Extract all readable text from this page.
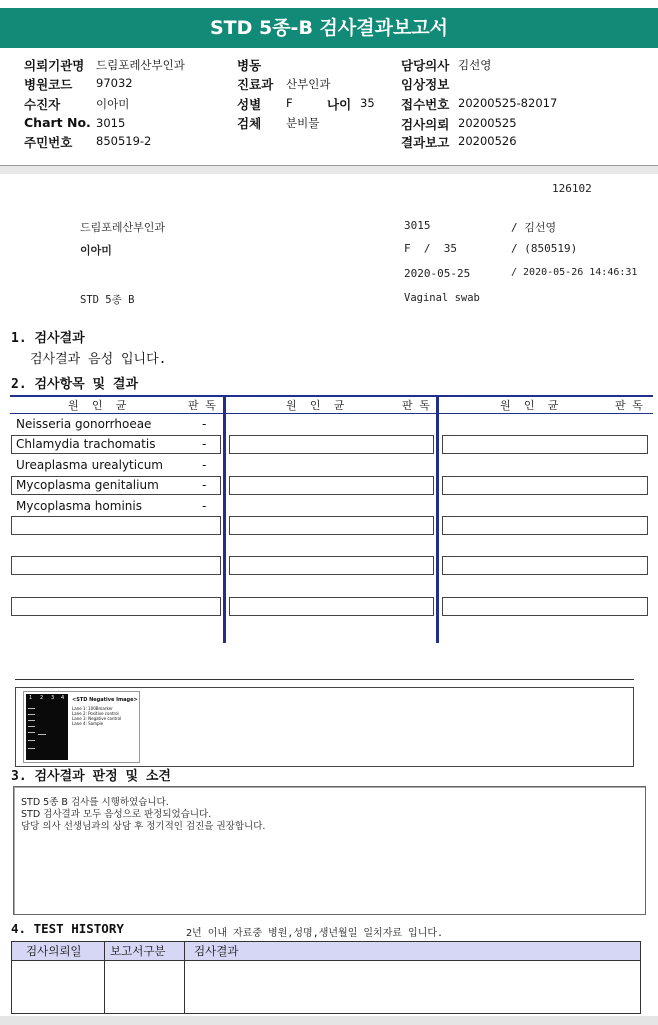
STD 5종-B 검사결과보고서
의뢰기관명 드림포레산부인과
병원코드 97032
수진자	이아미
Chart No. 3015
주민번호 850519-2
병동
진료과 산부인과
성별 F	나이 35
검체 분비물
담당의사 김선영
임상정보
접수번호 20200525-82017
검사의뢰 20200525
결과보고 20200526
126102
드림포레산부인과	3015	/ 김선영
이아미	F  /  35	/ (850519)
2020-05-25	/ 2020-05-26 14:46:31
STD 5종 B	Vaginal swab
1. 검사결과
검사결과 음성 입니다.
2. 검사항목 및 결과
원  인  균	판 독	원  인  균	판 독	원  인  균	판 독
Neisseria gonorrhoeae	-
Chlamydia trachomatis	-
Ureaplasma urealyticum	-
Mycoplasma genitalium	-
Mycoplasma hominis	-
1 2 3 4 <STD Negative Image>
Lane 1: 100Bmarker
Lane 2: Positive control
Lane 3: Negative control
Lane 4: Sample
3. 검사결과 판정 및 소견
STD 5종 B 검사를 시행하였습니다.
STD 검사결과 모두 음성으로 판정되었습니다.
담당 의사 선생님과의 상담 후 정기적인 검진을 권장합니다.
4. TEST HISTORY	2년 이내 자료중 병원,성명,생년월일 일치자료 입니다.
검사의뢰일 보고서구분 검사결과
